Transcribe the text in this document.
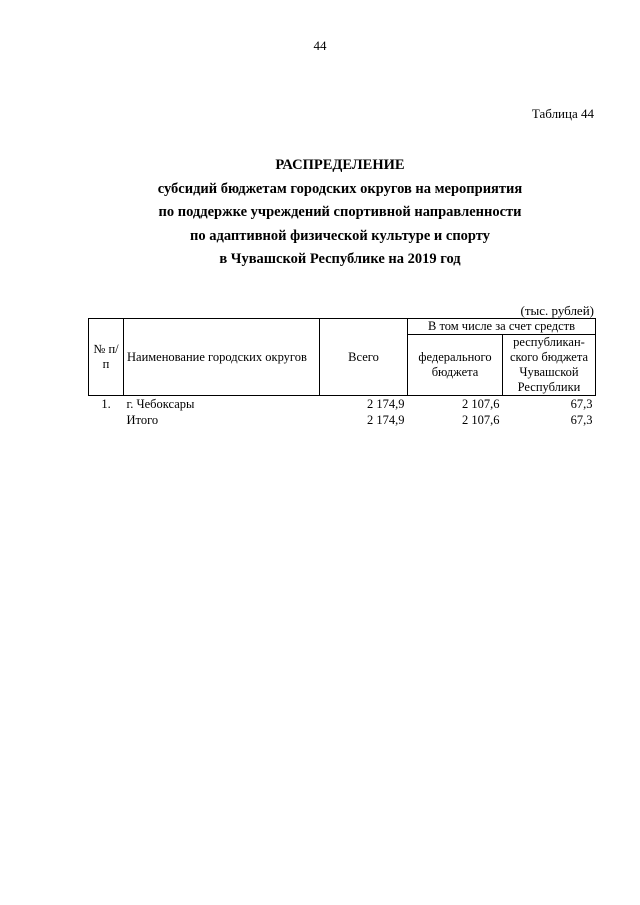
44
Таблица 44
РАСПРЕДЕЛЕНИЕ
субсидий бюджетам городских округов на мероприятия
по поддержке учреждений спортивной направленности
по адаптивной физической культуре и спорту
в Чувашской Республике на 2019 год
(тыс. рублей)
№ п/п	Наименование городских округов	Всего	В том числе за счет средств	
			федерального бюджета	республикан-ского бюджета Чувашской Республики
1.	г. Чебоксары	2 174,9	2 107,6	67,3
	Итого	2 174,9	2 107,6	67,3
